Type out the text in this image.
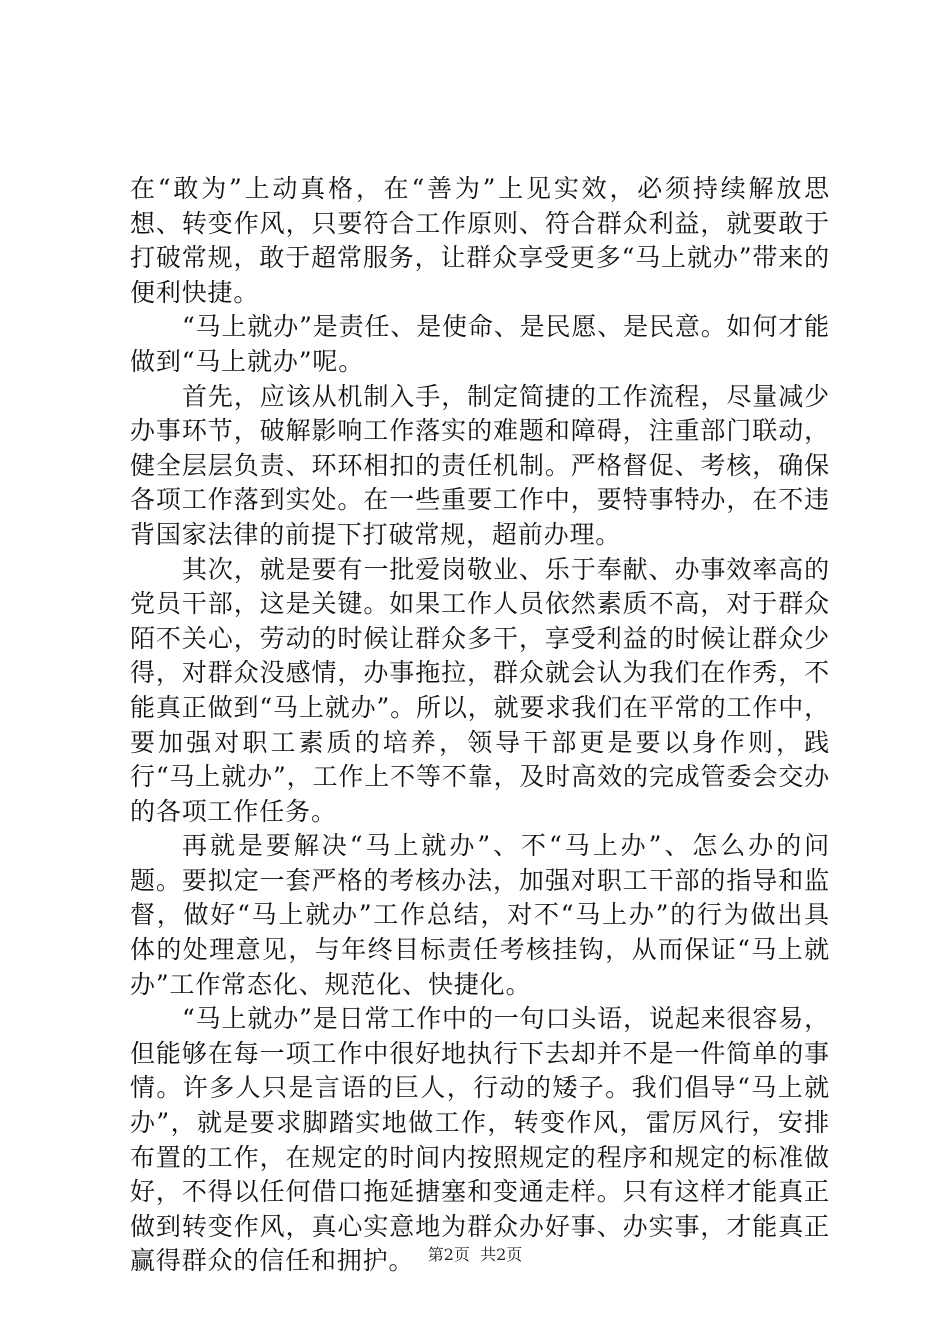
在“敢为”上动真格，在“善为”上见实效，必须持续解放思想、转变作风，只要符合工作原则、符合群众利益，就要敢于打破常规，敢于超常服务，让群众享受更多“马上就办”带来的便利快捷。

“马上就办”是责任、是使命、是民愿、是民意。如何才能做到“马上就办”呢。

首先，应该从机制入手，制定简捷的工作流程，尽量减少办事环节，破解影响工作落实的难题和障碍，注重部门联动，健全层层负责、环环相扣的责任机制。严格督促、考核，确保各项工作落到实处。在一些重要工作中，要特事特办，在不违背国家法律的前提下打破常规，超前办理。

其次，就是要有一批爱岗敬业、乐于奉献、办事效率高的党员干部，这是关键。如果工作人员依然素质不高，对于群众陌不关心，劳动的时候让群众多干，享受利益的时候让群众少得，对群众没感情，办事拖拉，群众就会认为我们在作秀，不能真正做到“马上就办”。所以，就要求我们在平常的工作中，要加强对职工素质的培养，领导干部更是要以身作则，践行“马上就办”，工作上不等不靠，及时高效的完成管委会交办的各项工作任务。

再就是要解决“马上就办”、不“马上办”、怎么办的问题。要拟定一套严格的考核办法，加强对职工干部的指导和监督，做好“马上就办”工作总结，对不“马上办”的行为做出具体的处理意见，与年终目标责任考核挂钩，从而保证“马上就办”工作常态化、规范化、快捷化。

“马上就办”是日常工作中的一句口头语，说起来很容易，但能够在每一项工作中很好地执行下去却并不是一件简单的事情。许多人只是言语的巨人，行动的矮子。我们倡导“马上就办”，就是要求脚踏实地做工作，转变作风，雷厉风行，安排布置的工作，在规定的时间内按照规定的程序和规定的标准做好，不得以任何借口拖延搪塞和变通走样。只有这样才能真正做到转变作风，真心实意地为群众办好事、办实事，才能真正赢得群众的信任和拥护。 第2页 共2页
